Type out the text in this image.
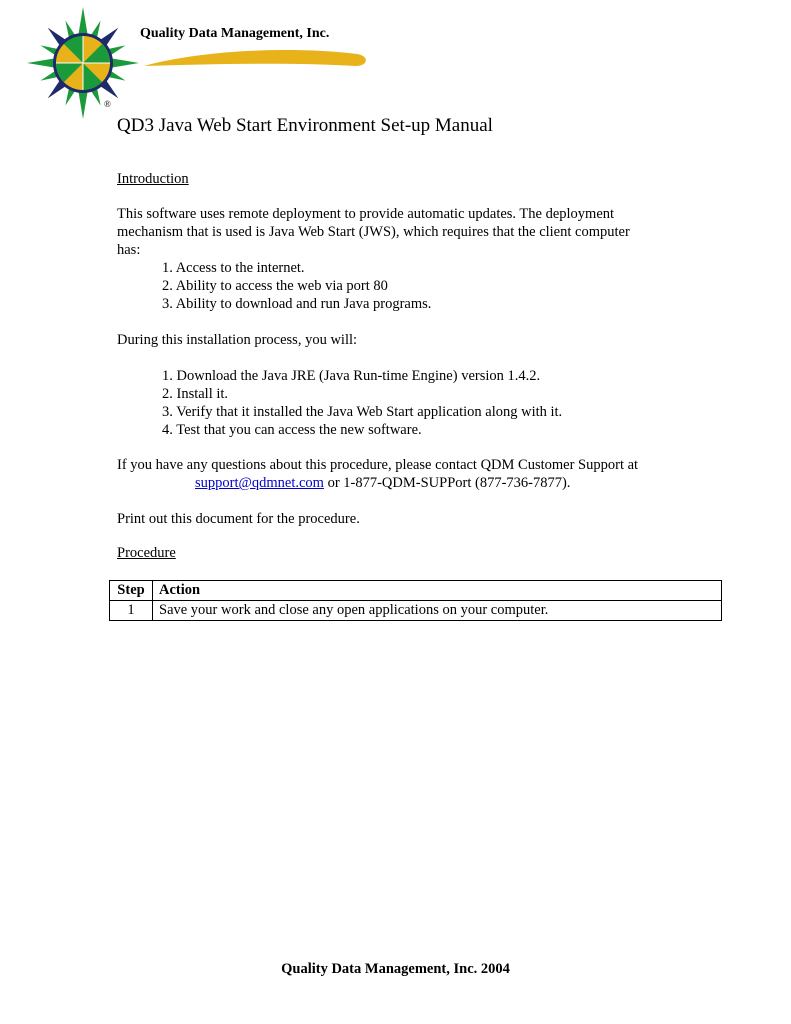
®
Quality Data Management, Inc.
QD3 Java Web Start Environment Set-up Manual
Introduction
This software uses remote deployment to provide automatic updates. The deployment
mechanism that is used is Java Web Start (JWS), which requires that the client computer
has:
1. Access to the internet.
2. Ability to access the web via port 80
3. Ability to download and run Java programs.
During this installation process, you will:
1. Download the Java JRE (Java Run-time Engine) version 1.4.2.
2. Install it.
3. Verify that it installed the Java Web Start application along with it.
4. Test that you can access the new software.
If you have any questions about this procedure, please contact QDM Customer Support at
support@qdmnet.com or 1-877-QDM-SUPPort (877-736-7877).
Print out this document for the procedure.
Procedure
Step	Action
1	Save your work and close any open applications on your computer.
Quality Data Management, Inc. 2004
